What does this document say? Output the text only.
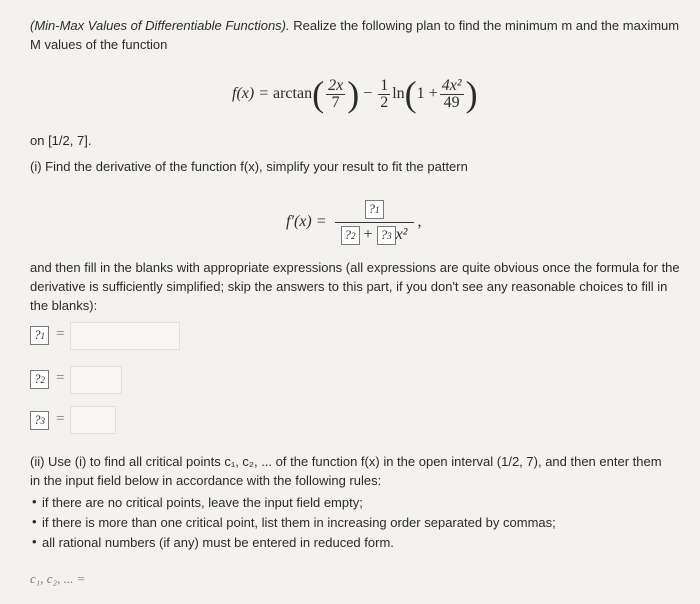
(Min-Max Values of Differentiable Functions). Realize the following plan to find the minimum m and the maximum M values of the function
f(x) = arctan ( $\frac{2x}{7}$ ) − $\frac{1}{2}$ ln ( $1 + \frac{\text{4x²}}{49}$ )
on [1/2, 7].
(i) Find the derivative of the function f(x), simplify your result to fit the pattern
$f'(x) = \frac{?1}{\text{?2 + ?3 x²}}$ ,
and then fill in the blanks with appropriate expressions (all expressions are quite obvious once the formula for the derivative is sufficiently simplified; skip the answers to this part, if you don't see any reasonable choices to fill in the blanks):
?1 =
?2 =
?3 =
(ii) Use (i) to find all critical points c₁, c₂, ... of the function f(x) in the open interval (1/2, 7), and then enter them in the input field below in accordance with the following rules:
• if there are no critical points, leave the input field empty;
• if there is more than one critical point, list them in increasing order separated by commas;
• all rational numbers (if any) must be entered in reduced form.
c₁, c₂, ... =
